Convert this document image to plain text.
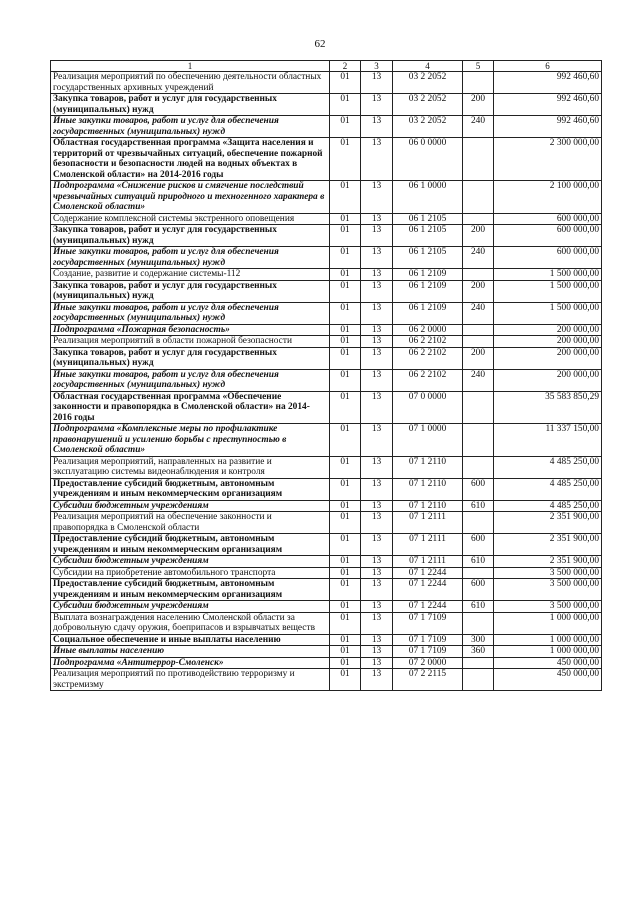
62
1	2	3	4	5	6
Реализация мероприятий по обеспечению деятельности областных государственных архивных учреждений	01	13	03 2 2052		992 460,60
Закупка товаров, работ и услуг для государственных (муниципальных) нужд	01	13	03 2 2052	200	992 460,60
Иные закупки товаров, работ и услуг для обеспечения государственных (муниципальных) нужд	01	13	03 2 2052	240	992 460,60
Областная государственная программа «Защита населения и территорий от чрезвычайных ситуаций, обеспечение пожарной безопасности и безопасности людей на водных объектах в Смоленской области» на 2014-2016 годы	01	13	06 0 0000		2 300 000,00
Подпрограмма «Снижение рисков и смягчение последствий чрезвычайных ситуаций природного и техногенного характера в Смоленской области»	01	13	06 1 0000		2 100 000,00
Содержание комплексной системы экстренного оповещения	01	13	06 1 2105		600 000,00
Закупка товаров, работ и услуг для государственных (муниципальных) нужд	01	13	06 1 2105	200	600 000,00
Иные закупки товаров, работ и услуг для обеспечения государственных (муниципальных) нужд	01	13	06 1 2105	240	600 000,00
Создание, развитие и содержание системы-112	01	13	06 1 2109		1 500 000,00
Закупка товаров, работ и услуг для государственных (муниципальных) нужд	01	13	06 1 2109	200	1 500 000,00
Иные закупки товаров, работ и услуг для обеспечения государственных (муниципальных) нужд	01	13	06 1 2109	240	1 500 000,00
Подпрограмма «Пожарная безопасность»	01	13	06 2 0000		200 000,00
Реализация мероприятий в области пожарной безопасности	01	13	06 2 2102		200 000,00
Закупка товаров, работ и услуг для государственных (муниципальных) нужд	01	13	06 2 2102	200	200 000,00
Иные закупки товаров, работ и услуг для обеспечения государственных (муниципальных) нужд	01	13	06 2 2102	240	200 000,00
Областная государственная программа «Обеспечение законности и правопорядка в Смоленской области» на 2014-2016 годы	01	13	07 0 0000		35 583 850,29
Подпрограмма «Комплексные меры по профилактике правонарушений и усилению борьбы с преступностью в Смоленской области»	01	13	07 1 0000		11 337 150,00
Реализация мероприятий, направленных на развитие и эксплуатацию системы видеонаблюдения и контроля	01	13	07 1 2110		4 485 250,00
Предоставление субсидий бюджетным, автономным учреждениям и иным некоммерческим организациям	01	13	07 1 2110	600	4 485 250,00
Субсидии бюджетным учреждениям	01	13	07 1 2110	610	4 485 250,00
Реализация мероприятий на обеспечение законности и правопорядка в Смоленской области	01	13	07 1 2111		2 351 900,00
Предоставление субсидий бюджетным, автономным учреждениям и иным некоммерческим организациям	01	13	07 1 2111	600	2 351 900,00
Субсидии бюджетным учреждениям	01	13	07 1 2111	610	2 351 900,00
Субсидии на приобретение автомобильного транспорта	01	13	07 1 2244		3 500 000,00
Предоставление субсидий бюджетным, автономным учреждениям и иным некоммерческим организациям	01	13	07 1 2244	600	3 500 000,00
Субсидии бюджетным учреждениям	01	13	07 1 2244	610	3 500 000,00
Выплата вознаграждения населению Смоленской области за добровольную сдачу оружия, боеприпасов и взрывчатых веществ	01	13	07 1 7109		1 000 000,00
Социальное обеспечение и иные выплаты населению	01	13	07 1 7109	300	1 000 000,00
Иные выплаты населению	01	13	07 1 7109	360	1 000 000,00
Подпрограмма «Антитеррор-Смоленск»	01	13	07 2 0000		450 000,00
Реализация мероприятий по противодействию терроризму и экстремизму	01	13	07 2 2115		450 000,00
